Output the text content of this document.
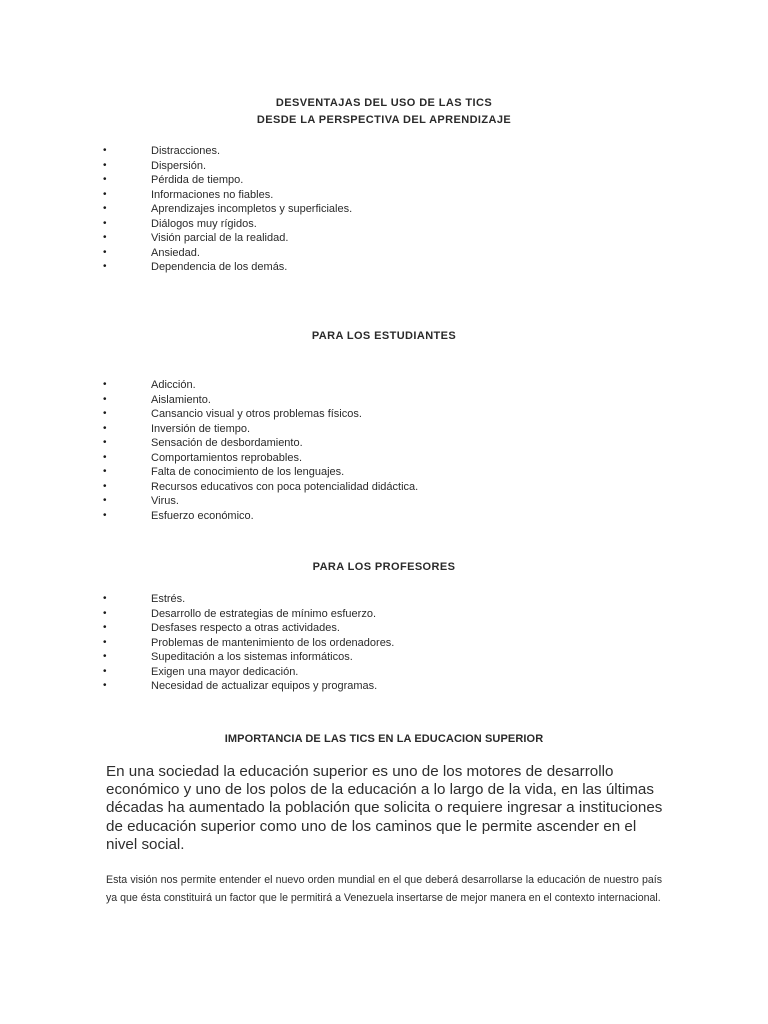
DESVENTAJAS DEL USO DE LAS TICS
DESDE LA PERSPECTIVA DEL APRENDIZAJE
•	Distracciones.
•	Dispersión.
•	Pérdida de tiempo.
•	Informaciones no fiables.
•	Aprendizajes incompletos y superficiales.
•	Diálogos muy rígidos.
•	Visión parcial de la realidad.
•	Ansiedad.
•	Dependencia de los demás.
PARA LOS ESTUDIANTES
•	Adicción.
•	Aislamiento.
•	Cansancio visual y otros problemas físicos.
•	Inversión de tiempo.
•	Sensación de desbordamiento.
•	Comportamientos reprobables.
•	Falta de conocimiento de los lenguajes.
•	Recursos educativos con poca potencialidad didáctica.
•	Virus.
•	Esfuerzo económico.
PARA LOS PROFESORES
•	Estrés.
•	Desarrollo de estrategias de mínimo esfuerzo.
•	Desfases respecto a otras actividades.
•	Problemas de mantenimiento de los ordenadores.
•	Supeditación a los sistemas informáticos.
•	Exigen una mayor dedicación.
•	Necesidad de actualizar equipos y programas.
IMPORTANCIA DE LAS TICS EN LA EDUCACION SUPERIOR

En una sociedad la educación superior es uno de los motores de desarrollo económico y uno de los polos de la educación a lo largo de la vida, en las últimas décadas ha aumentado la población que solicita o requiere ingresar a instituciones de educación superior como uno de los caminos que le permite ascender en el nivel social.

Esta visión nos permite entender el nuevo orden mundial en el que deberá desarrollarse la educación de nuestro país ya que ésta constituirá un factor que le permitirá a Venezuela insertarse de mejor manera en el contexto internacional.
